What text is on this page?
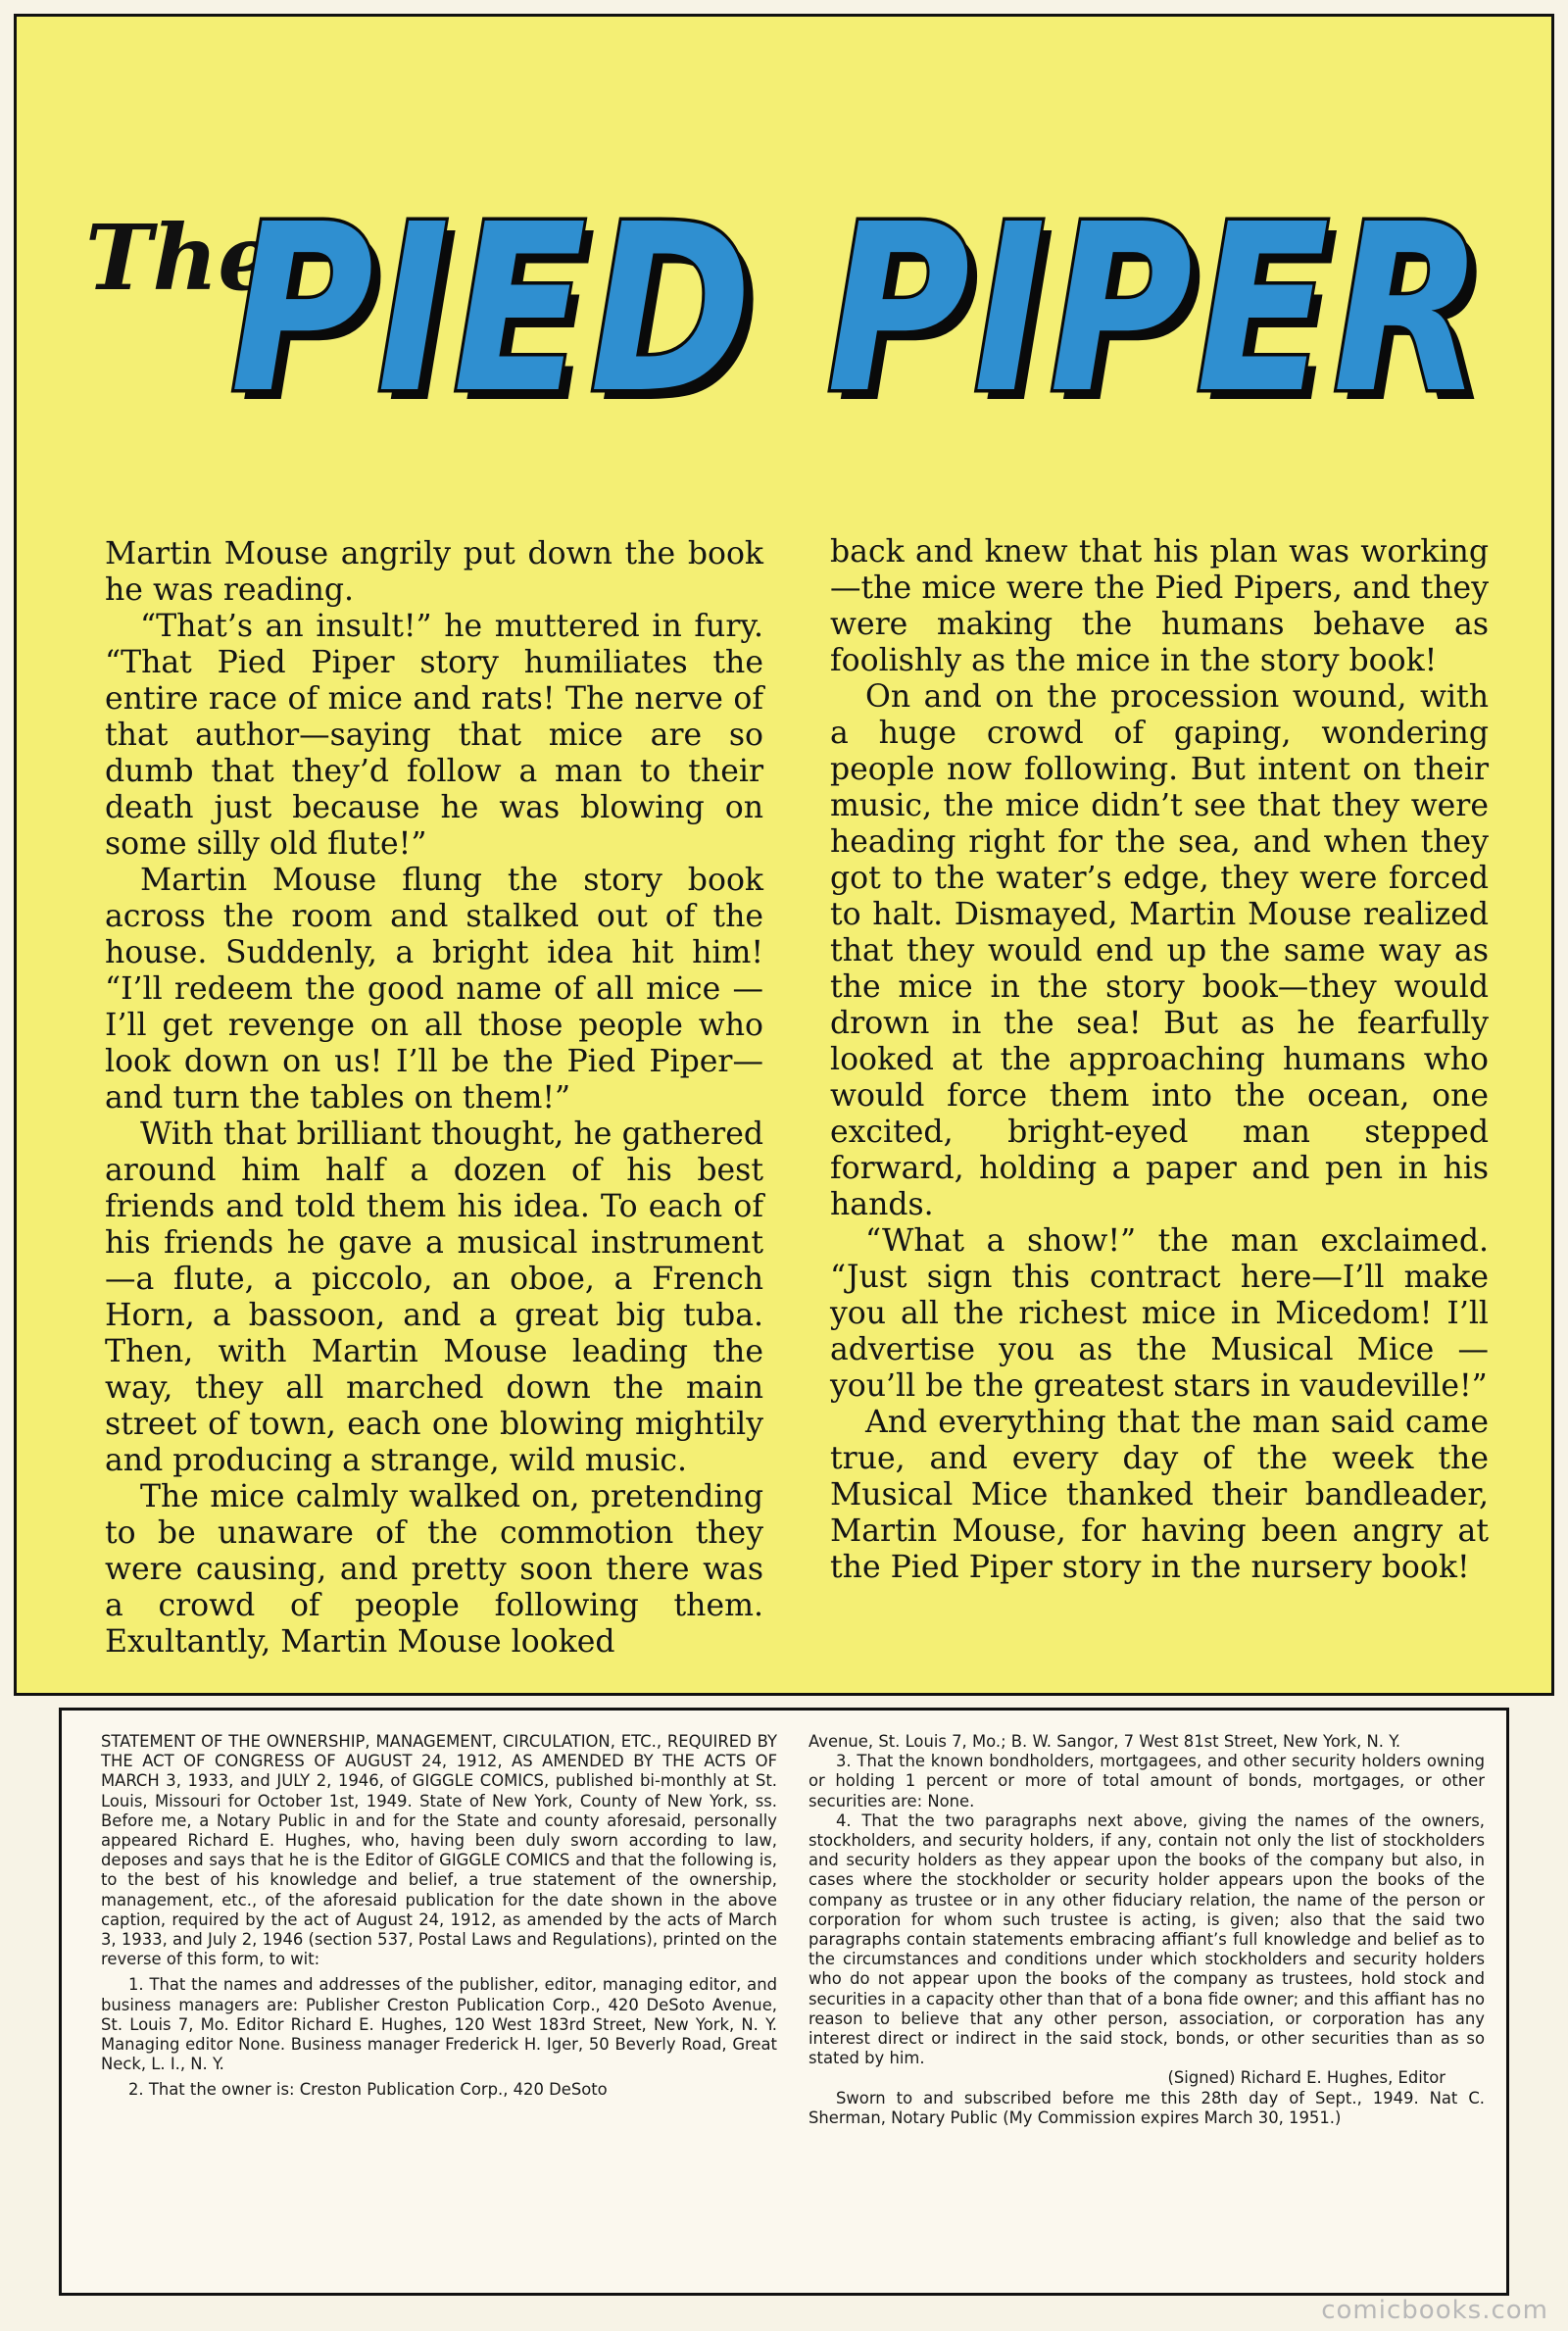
The
PIED PIPER
PIED PIPER

Martin Mouse angrily put down the book he was reading.

“That’s an insult!” he muttered in fury. “That Pied Piper story humiliates the entire race of mice and rats! The nerve of that author—saying that mice are so dumb that they’d follow a man to their death just because he was blowing on some silly old flute!”

Martin Mouse flung the story book across the room and stalked out of the house. Suddenly, a bright idea hit him! “I’ll redeem the good name of all mice —I’ll get revenge on all those people who look down on us! I’ll be the Pied Piper—and turn the tables on them!”

With that brilliant thought, he gathered around him half a dozen of his best friends and told them his idea. To each of his friends he gave a musical instrument—a flute, a piccolo, an oboe, a French Horn, a bassoon, and a great big tuba. Then, with Martin Mouse leading the way, they all marched down the main street of town, each one blowing mightily and producing a strange, wild music.

The mice calmly walked on, pretending to be unaware of the commotion they were causing, and pretty soon there was a crowd of people following them. Exultantly, Martin Mouse looked

back and knew that his plan was working—the mice were the Pied Pipers, and they were making the humans behave as foolishly as the mice in the story book!

On and on the procession wound, with a huge crowd of gaping, wondering people now following. But intent on their music, the mice didn’t see that they were heading right for the sea, and when they got to the water’s edge, they were forced to halt. Dismayed, Martin Mouse realized that they would end up the same way as the mice in the story book—they would drown in the sea! But as he fearfully looked at the approaching humans who would force them into the ocean, one excited, bright-eyed man stepped forward, holding a paper and pen in his hands.

“What a show!” the man exclaimed. “Just sign this contract here—I’ll make you all the richest mice in Micedom! I’ll advertise you as the Musical Mice —you’ll be the greatest stars in vaudeville!”

And everything that the man said came true, and every day of the week the Musical Mice thanked their bandleader, Martin Mouse, for having been angry at the Pied Piper story in the nursery book!

STATEMENT OF THE OWNERSHIP, MANAGEMENT, CIRCULATION, ETC., REQUIRED BY THE ACT OF CONGRESS OF AUGUST 24, 1912, AS AMENDED BY THE ACTS OF MARCH 3, 1933, and JULY 2, 1946, of GIGGLE COMICS, published bi-monthly at St. Louis, Missouri for October 1st, 1949. State of New York, County of New York, ss. Before me, a Notary Public in and for the State and county aforesaid, personally appeared Richard E. Hughes, who, having been duly sworn according to law, deposes and says that he is the Editor of GIGGLE COMICS and that the following is, to the best of his knowledge and belief, a true statement of the ownership, management, etc., of the aforesaid publication for the date shown in the above caption, required by the act of August 24, 1912, as amended by the acts of March 3, 1933, and July 2, 1946 (section 537, Postal Laws and Regulations), printed on the reverse of this form, to wit:

1. That the names and addresses of the publisher, editor, managing editor, and business managers are: Publisher Creston Publication Corp., 420 DeSoto Avenue, St. Louis 7, Mo. Editor Richard E. Hughes, 120 West 183rd Street, New York, N. Y. Managing editor None. Business manager Frederick H. Iger, 50 Beverly Road, Great Neck, L. I., N. Y.

2. That the owner is: Creston Publication Corp., 420 DeSoto

Avenue, St. Louis 7, Mo.; B. W. Sangor, 7 West 81st Street, New York, N. Y.

3. That the known bondholders, mortgagees, and other security holders owning or holding 1 percent or more of total amount of bonds, mortgages, or other securities are: None.

4. That the two paragraphs next above, giving the names of the owners, stockholders, and security holders, if any, contain not only the list of stockholders and security holders as they appear upon the books of the company but also, in cases where the stockholder or security holder appears upon the books of the company as trustee or in any other fiduciary relation, the name of the person or corporation for whom such trustee is acting, is given; also that the said two paragraphs contain statements embracing affiant’s full knowledge and belief as to the circumstances and conditions under which stockholders and security holders who do not appear upon the books of the company as trustees, hold stock and securities in a capacity other than that of a bona fide owner; and this affiant has no reason to believe that any other person, association, or corporation has any interest direct or indirect in the said stock, bonds, or other securities than as so stated by him.

(Signed) Richard E. Hughes, Editor

Sworn to and subscribed before me this 28th day of Sept., 1949. Nat C. Sherman, Notary Public (My Commission expires March 30, 1951.)

comicbooks.com
